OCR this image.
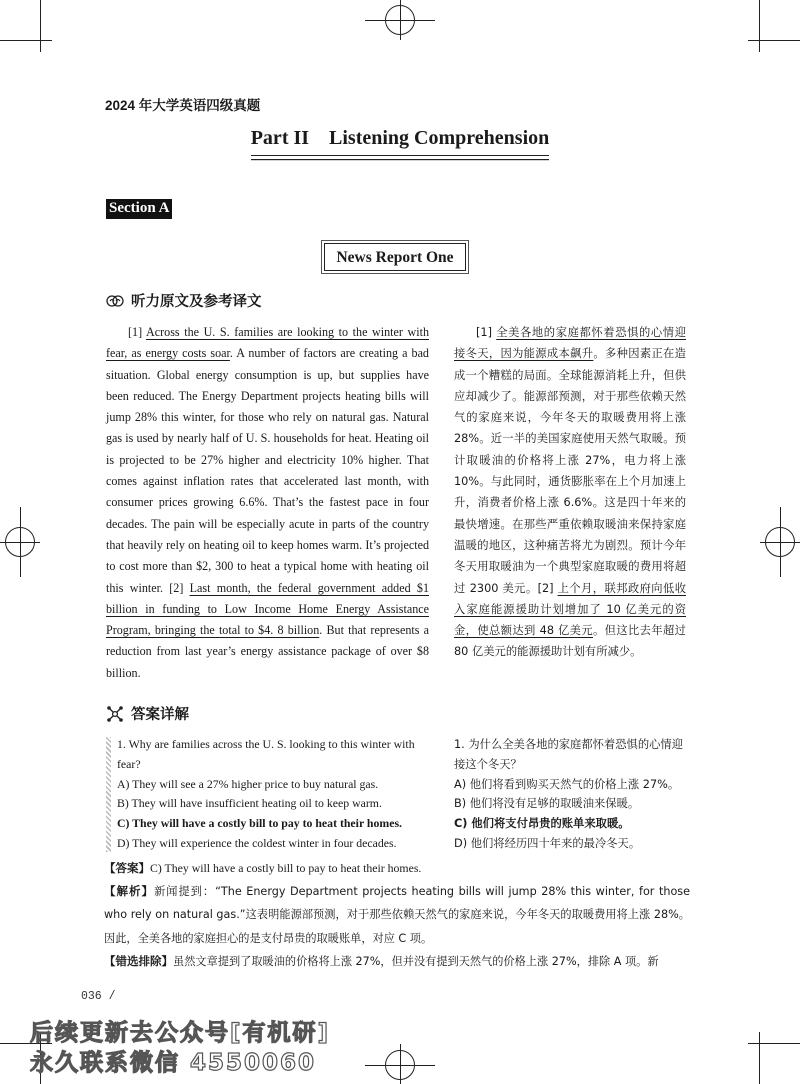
2024 年大学英语四级真题
Part II    Listening Comprehension
Section A
News Report One
听力原文及参考译文

[1] Across the U. S. families are looking to the winter with fear, as energy costs soar. A number of factors are creating a bad situation. Global energy consumption is up, but supplies have been reduced. The Energy Department projects heating bills will jump 28% this winter, for those who rely on natural gas. Natural gas is used by nearly half of U. S. households for heat. Heating oil is projected to be 27% higher and electricity 10% higher. That comes against inflation rates that accelerated last month, with consumer prices growing 6.6%. That’s the fastest pace in four decades. The pain will be especially acute in parts of the country that heavily rely on heating oil to keep homes warm. It’s projected to cost more than $2, 300 to heat a typical home with heating oil this winter. [2] Last month, the federal government added $1 billion in funding to Low Income Home Energy Assistance Program, bringing the total to $4. 8 billion. But that represents a reduction from last year’s energy assistance package of over $8 billion.

[1] 全美各地的家庭都怀着恐惧的心情迎接冬天，因为能源成本飙升。多种因素正在造成一个糟糕的局面。全球能源消耗上升，但供应却减少了。能源部预测，对于那些依赖天然气的家庭来说，今年冬天的取暖费用将上涨 28%。近一半的美国家庭使用天然气取暖。预计取暖油的价格将上涨 27%，电力将上涨 10%。与此同时，通货膨胀率在上个月加速上升，消费者价格上涨 6.6%。这是四十年来的最快增速。在那些严重依赖取暖油来保持家庭温暖的地区，这种痛苦将尤为剧烈。预计今年冬天用取暖油为一个典型家庭取暖的费用将超过 2300 美元。[2] 上个月，联邦政府向低收入家庭能源援助计划增加了 10 亿美元的资金，使总额达到 48 亿美元。但这比去年超过 80 亿美元的能源援助计划有所减少。

答案详解
1. Why are families across the U. S. looking to this winter with fear?
A) They will see a 27% higher price to buy natural gas.
B) They will have insufficient heating oil to keep warm.
C) They will have a costly bill to pay to heat their homes.
D) They will experience the coldest winter in four decades.
1. 为什么全美各地的家庭都怀着恐惧的心情迎接这个冬天？
A) 他们将看到购买天然气的价格上涨 27%。
B) 他们将没有足够的取暖油来保暖。
C) 他们将支付昂贵的账单来取暖。
D) 他们将经历四十年来的最冷冬天。
【答案】C) They will have a costly bill to pay to heat their homes.
【解析】新闻提到：“The Energy Department projects heating bills will jump 28% this winter, for those who rely on natural gas.”这表明能源部预测，对于那些依赖天然气的家庭来说，今年冬天的取暖费用将上涨 28%。因此，全美各地的家庭担心的是支付昂贵的取暖账单，对应 C 项。
【错选排除】虽然文章提到了取暖油的价格将上涨 27%，但并没有提到天然气的价格上涨 27%，排除 A 项。新
036 /
后续更新去公众号[有机研]
永久联系微信 4550060
